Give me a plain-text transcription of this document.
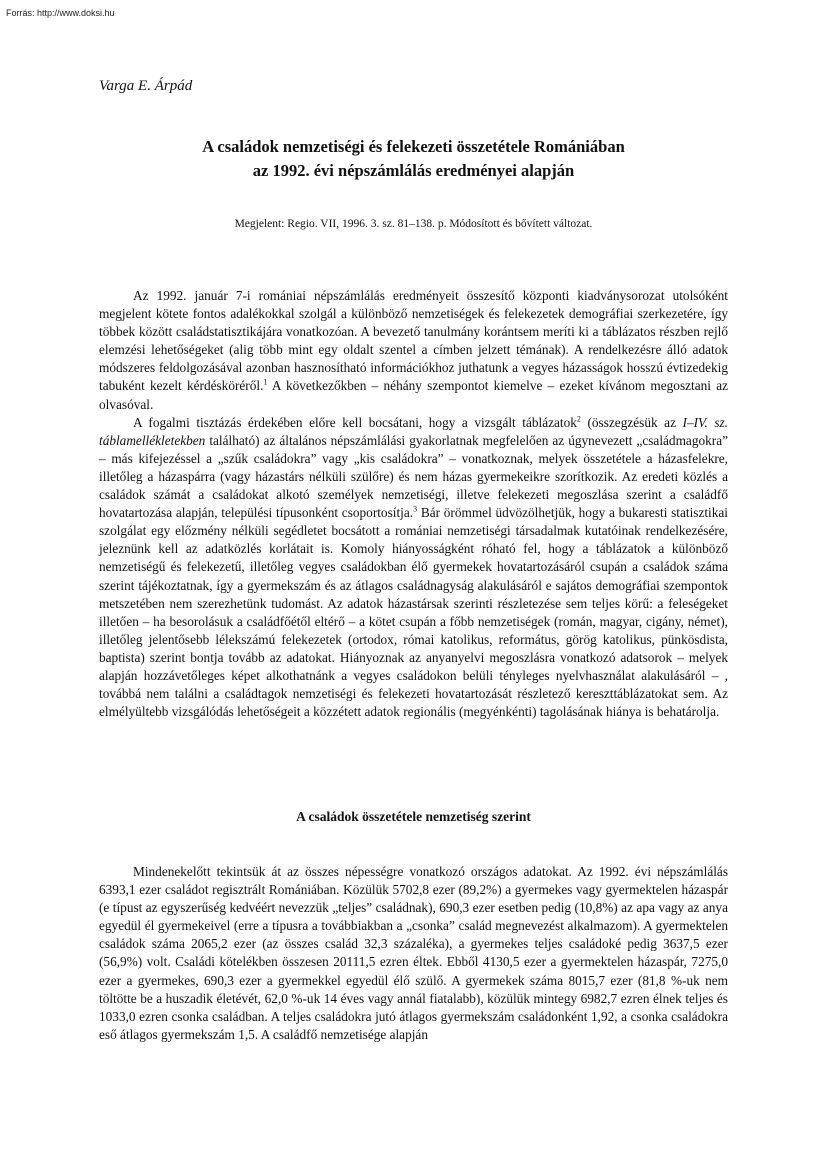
Forrás: http://www.doksi.hu
Varga E. Árpád
A családok nemzetiségi és felekezeti összetétele Romániában
az 1992. évi népszámlálás eredményei alapján
Megjelent: Regio. VII, 1996. 3. sz. 81–138. p. Módosított és bővített változat.

Az 1992. január 7-i romániai népszámlálás eredményeit összesítő központi kiadványsorozat utolsóként megjelent kötete fontos adalékokkal szolgál a különböző nemzetiségek és felekezetek demográfiai szerkezetére, így többek között családstatisztikájára vonatkozóan. A bevezető tanulmány korántsem meríti ki a táblázatos részben rejlő elemzési lehetőségeket (alig több mint egy oldalt szentel a címben jelzett témának). A rendelkezésre álló adatok módszeres feldolgozásával azonban hasznosítható információkhoz juthatunk a vegyes házasságok hosszú évtizedekig tabuként kezelt kérdésköréről.$^1$ A következőkben – néhány szempontot kiemelve – ezeket kívánom megosztani az olvasóval.

A fogalmi tisztázás érdekében előre kell bocsátani, hogy a vizsgált táblázatok$^2$ (összegzésük az I–IV. sz. táblamellékletekben található) az általános népszámlálási gyakorlatnak megfelelően az úgynevezett „családmagokra” – más kifejezéssel a „szűk családokra” vagy „kis családokra” – vonatkoznak, melyek összetétele a házasfelekre, illetőleg a házaspárra (vagy házastárs nélküli szülőre) és nem házas gyermekeikre szorítkozik. Az eredeti közlés a családok számát a családokat alkotó személyek nemzetiségi, illetve felekezeti megoszlása szerint a családfő hovatartozása alapján, települési típusonként csoportosítja.$^3$ Bár örömmel üdvözölhetjük, hogy a bukaresti statisztikai szolgálat egy előzmény nélküli segédletet bocsátott a romániai nemzetiségi társadalmak kutatóinak rendelkezésére, jeleznünk kell az adatközlés korlátait is. Komoly hiányosságként róható fel, hogy a táblázatok a különböző nemzetiségű és felekezetű, illetőleg vegyes családokban élő gyermekek hovatartozásáról csupán a családok száma szerint tájékoztatnak, így a gyermekszám és az átlagos családnagyság alakulásáról e sajátos demográfiai szempontok metszetében nem szerezhetünk tudomást. Az adatok házastársak szerinti részletezése sem teljes körű: a feleségeket illetően – ha besorolásuk a családfőétől eltérő – a kötet csupán a főbb nemzetiségek (román, magyar, cigány, német), illetőleg jelentősebb lélekszámú felekezetek (ortodox, római katolikus, református, görög katolikus, pünkösdista, baptista) szerint bontja tovább az adatokat. Hiányoznak az anyanyelvi megoszlásra vonatkozó adatsorok – melyek alapján hozzávetőleges képet alkothatnánk a vegyes családokon belüli tényleges nyelvhasználat alakulásáról – , továbbá nem találni a családtagok nemzetiségi és felekezeti hovatartozását részletező kereszttáblázatokat sem. Az elmélyültebb vizsgálódás lehetőségeit a közzétett adatok regionális (megyénkénti) tagolásának hiánya is behatárolja.

A családok összetétele nemzetiség szerint

Mindenekelőtt tekintsük át az összes népességre vonatkozó országos adatokat. Az 1992. évi népszámlálás 6393,1 ezer családot regisztrált Romániában. Közülük 5702,8 ezer (89,2%) a gyermekes vagy gyermektelen házaspár (e típust az egyszerűség kedvéért nevezzük „teljes” családnak), 690,3 ezer esetben pedig (10,8%) az apa vagy az anya egyedül él gyermekeivel (erre a típusra a továbbiakban a „csonka” család megnevezést alkalmazom). A gyermektelen családok száma 2065,2 ezer (az összes család 32,3 százaléka), a gyermekes teljes családoké pedig 3637,5 ezer (56,9%) volt. Családi kötelékben összesen 20111,5 ezren éltek. Ebből 4130,5 ezer a gyermektelen házaspár, 7275,0 ezer a gyermekes, 690,3 ezer a gyermekkel egyedül élő szülő. A gyermekek száma 8015,7 ezer (81,8 %-uk nem töltötte be a huszadik életévét, 62,0 %-uk 14 éves vagy annál fiatalabb), közülük mintegy 6982,7 ezren élnek teljes és 1033,0 ezren csonka családban. A teljes családokra jutó átlagos gyermekszám családonként 1,92, a csonka családokra eső átlagos gyermekszám 1,5. A családfő nemzetisége alapján
